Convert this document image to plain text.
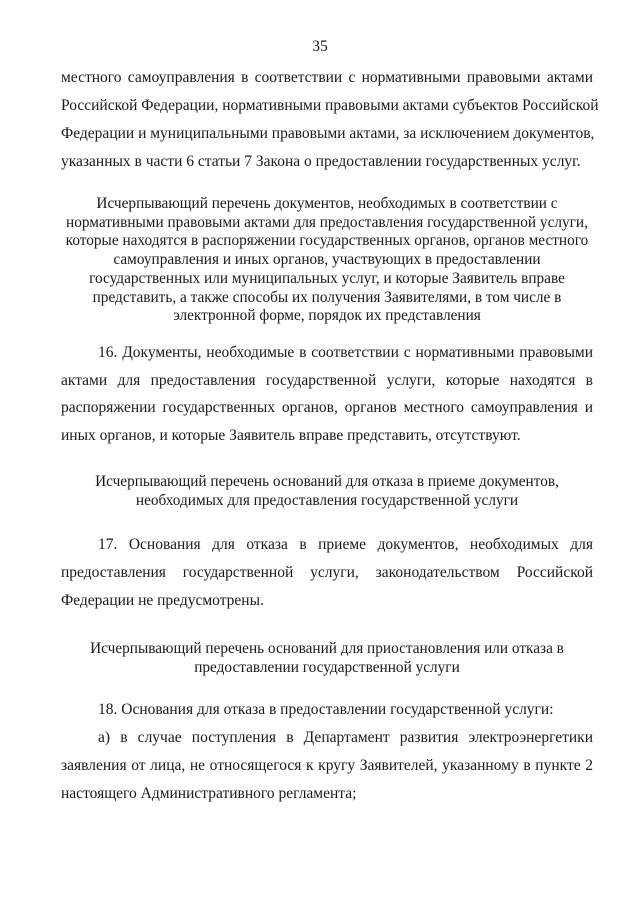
35
местного самоуправления в соответствии с нормативными правовыми актами
Российской Федерации, нормативными правовыми актами субъектов Российской
Федерации и муниципальными правовыми актами, за исключением документов,
указанных в части 6 статьи 7 Закона о предоставлении государственных услуг.
Исчерпывающий перечень документов, необходимых в соответствии с
нормативными правовыми актами для предоставления государственной услуги,
которые находятся в распоряжении государственных органов, органов местного
самоуправления и иных органов, участвующих в предоставлении
государственных или муниципальных услуг, и которые Заявитель вправе
представить, а также способы их получения Заявителями, в том числе в
электронной форме, порядок их представления
16. Документы, необходимые в соответствии с нормативными правовыми
актами для предоставления государственной услуги, которые находятся в
распоряжении государственных органов, органов местного самоуправления и
иных органов, и которые Заявитель вправе представить, отсутствуют.
Исчерпывающий перечень оснований для отказа в приеме документов,
необходимых для предоставления государственной услуги
17. Основания для отказа в приеме документов, необходимых для
предоставления государственной услуги, законодательством Российской
Федерации не предусмотрены.
Исчерпывающий перечень оснований для приостановления или отказа в
предоставлении государственной услуги
18. Основания для отказа в предоставлении государственной услуги:
а) в случае поступления в Департамент развития электроэнергетики
заявления от лица, не относящегося к кругу Заявителей, указанному в пункте 2
настоящего Административного регламента;
